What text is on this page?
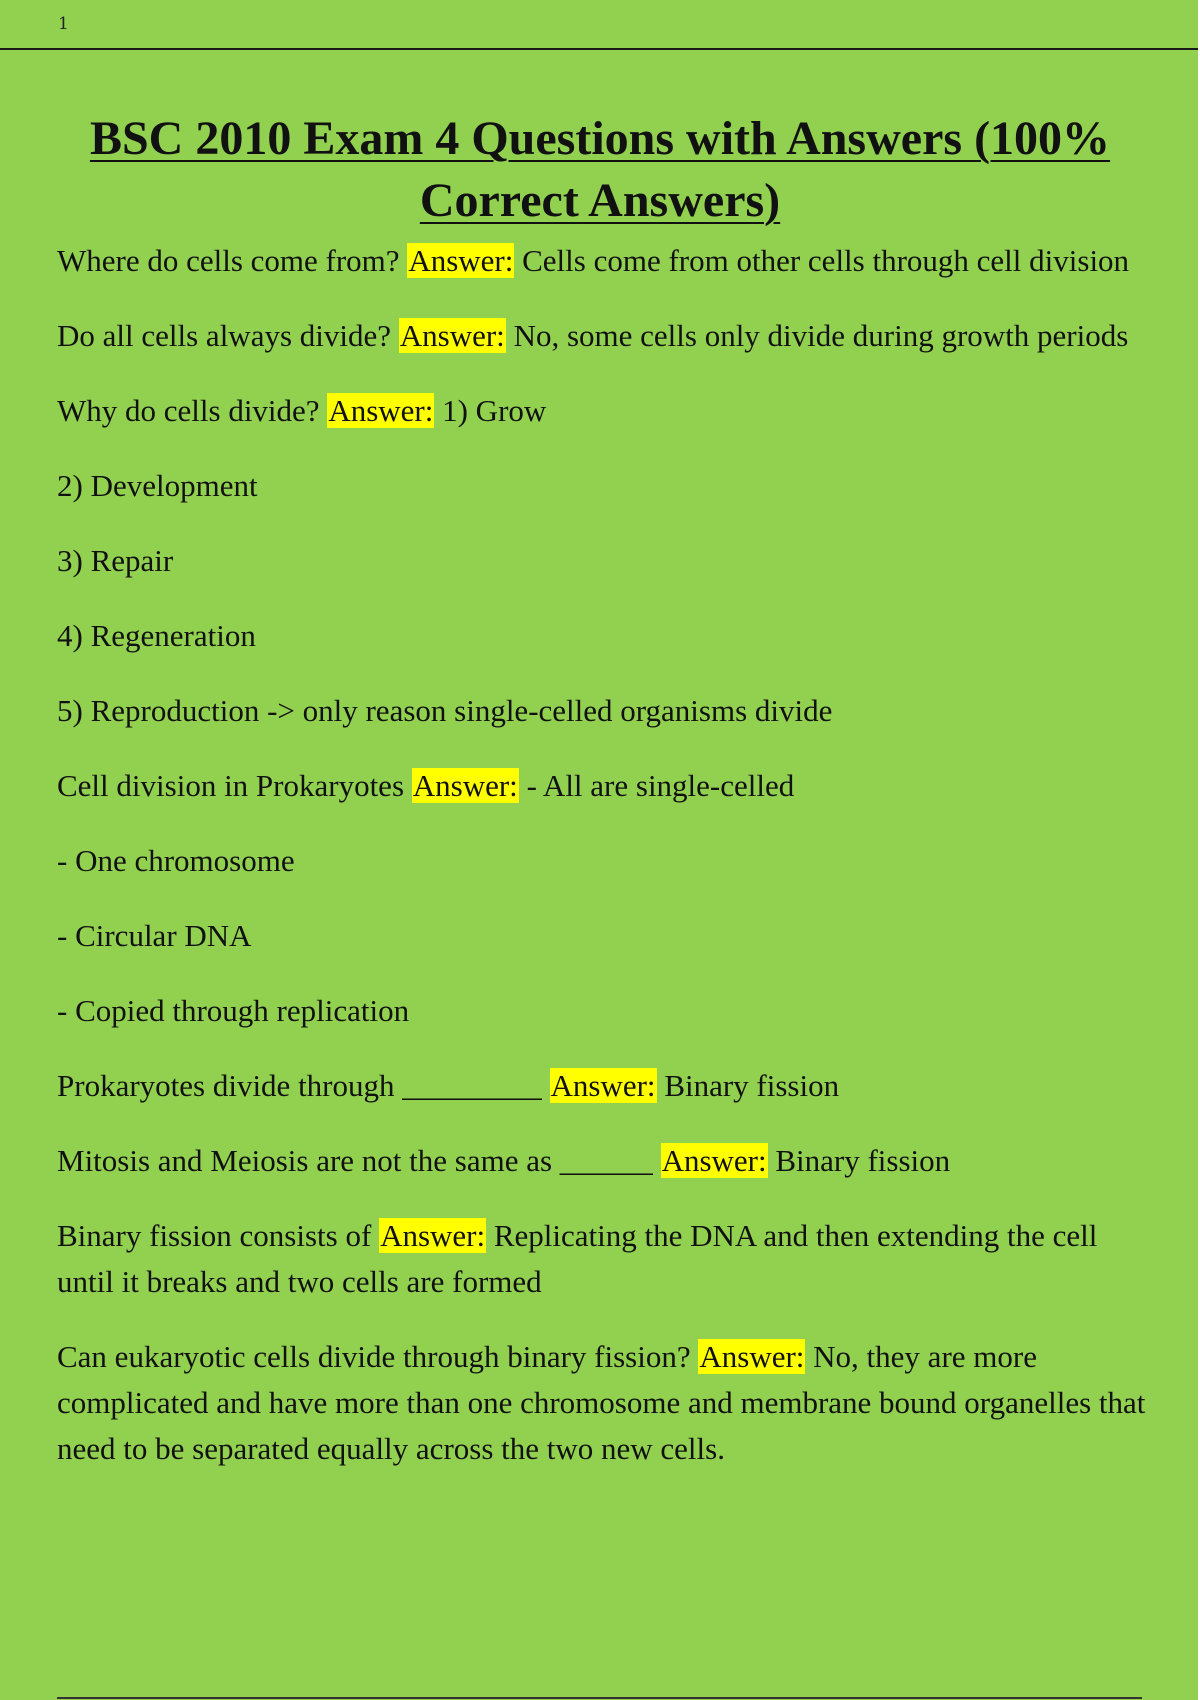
1
BSC 2010 Exam 4 Questions with Answers (100% Correct Answers)

Where do cells come from? Answer: Cells come from other cells through cell division

Do all cells always divide? Answer: No, some cells only divide during growth periods

Why do cells divide? Answer: 1) Grow

2) Development

3) Repair

4) Regeneration

5) Reproduction -> only reason single-celled organisms divide

Cell division in Prokaryotes Answer: - All are single-celled

- One chromosome

- Circular DNA

- Copied through replication

Prokaryotes divide through _________ Answer: Binary fission

Mitosis and Meiosis are not the same as ______ Answer: Binary fission

Binary fission consists of Answer: Replicating the DNA and then extending the cell until it breaks and two cells are formed

Can eukaryotic cells divide through binary fission? Answer: No, they are more complicated and have more than one chromosome and membrane bound organelles that need to be separated equally across the two new cells.
